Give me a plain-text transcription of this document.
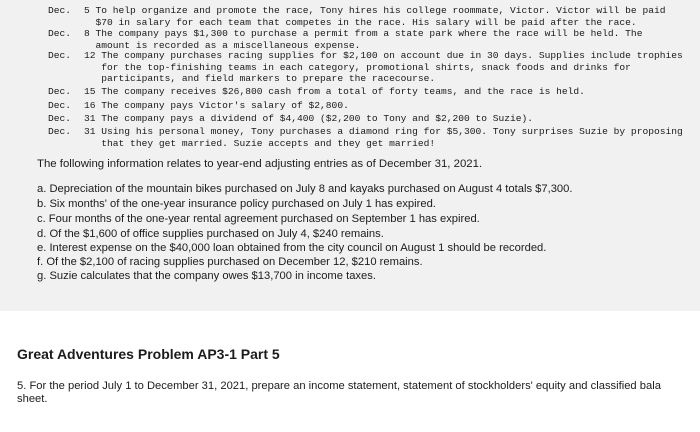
Dec. 5 To help organize and promote the race, Tony hires his college roommate, Victor. Victor will be paid
$70 in salary for each team that competes in the race. His salary will be paid after the race.
Dec. 8 The company pays $1,300 to purchase a permit from a state park where the race will be held. The
amount is recorded as a miscellaneous expense.
Dec. 12 The company purchases racing supplies for $2,100 on account due in 30 days. Supplies include trophies
for the top-finishing teams in each category, promotional shirts, snack foods and drinks for
participants, and field markers to prepare the racecourse.
Dec. 15 The company receives $26,800 cash from a total of forty teams, and the race is held.
Dec. 16 The company pays Victor's salary of $2,800.
Dec. 31 The company pays a dividend of $4,400 ($2,200 to Tony and $2,200 to Suzie).
Dec. 31 Using his personal money, Tony purchases a diamond ring for $5,300. Tony surprises Suzie by proposing
that they get married. Suzie accepts and they get married!
The following information relates to year-end adjusting entries as of December 31, 2021.
a. Depreciation of the mountain bikes purchased on July 8 and kayaks purchased on August 4 totals $7,300.
b. Six months' of the one-year insurance policy purchased on July 1 has expired.
c. Four months of the one-year rental agreement purchased on September 1 has expired.
d. Of the $1,600 of office supplies purchased on July 4, $240 remains.
e. Interest expense on the $40,000 loan obtained from the city council on August 1 should be recorded.
f. Of the $2,100 of racing supplies purchased on December 12, $210 remains.
g. Suzie calculates that the company owes $13,700 in income taxes.
Great Adventures Problem AP3-1 Part 5
5. For the period July 1 to December 31, 2021, prepare an income statement, statement of stockholders' equity and classified bala
sheet.
